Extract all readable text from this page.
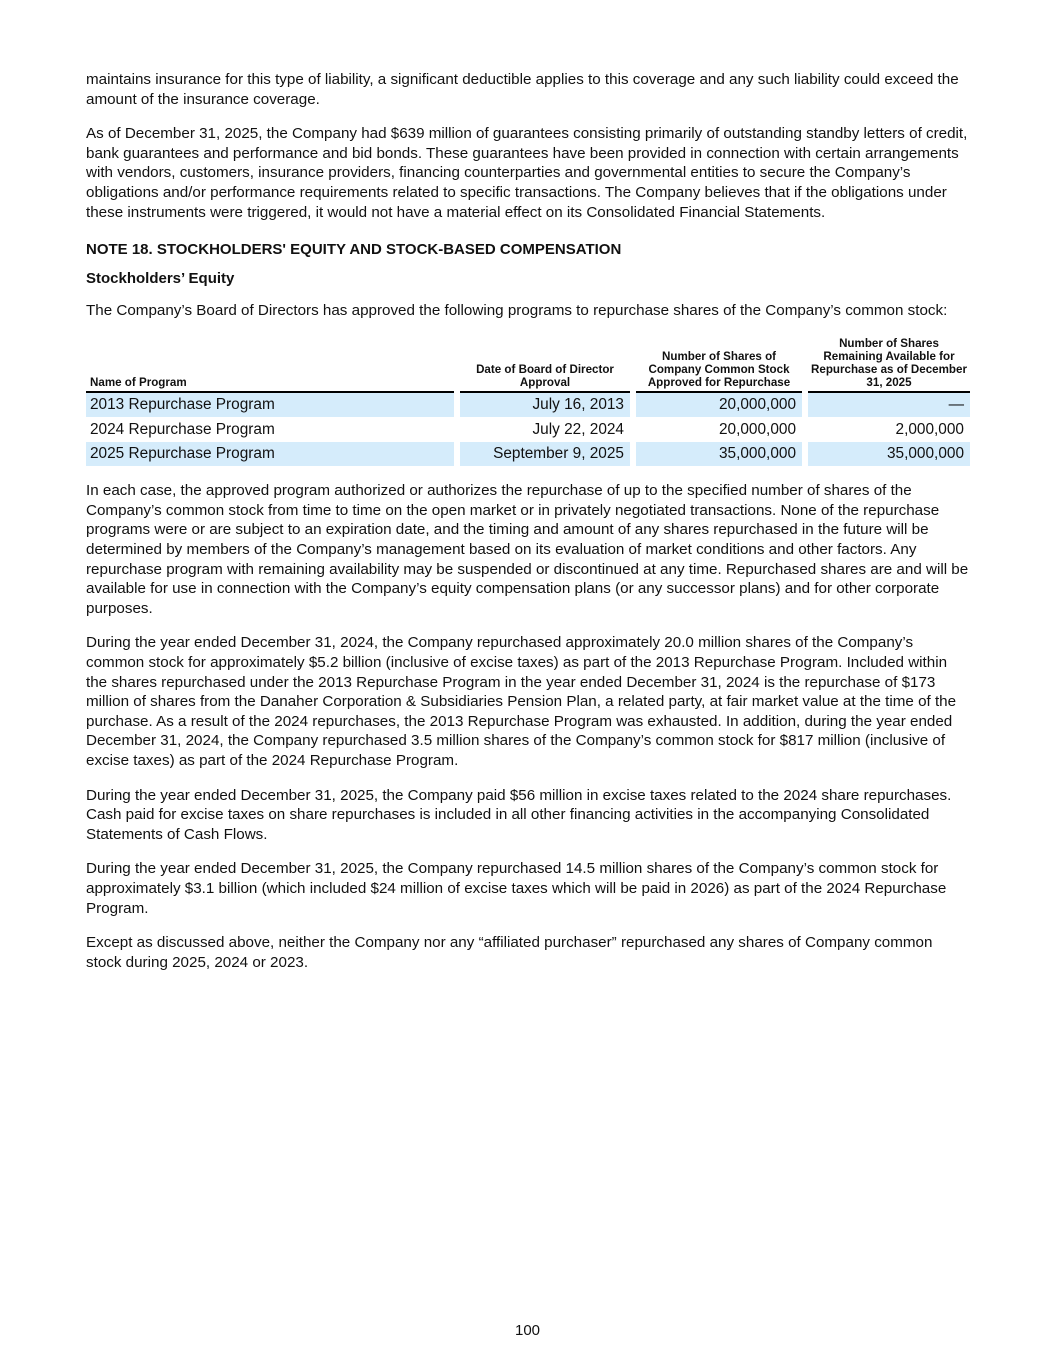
maintains insurance for this type of liability, a significant deductible applies to this coverage and any such liability could exceed the amount of the insurance coverage.

As of December 31, 2025, the Company had $639 million of guarantees consisting primarily of outstanding standby letters of credit, bank guarantees and performance and bid bonds. These guarantees have been provided in connection with certain arrangements with vendors, customers, insurance providers, financing counterparties and governmental entities to secure the Company’s obligations and/or performance requirements related to specific transactions. The Company believes that if the obligations under these instruments were triggered, it would not have a material effect on its Consolidated Financial Statements.

NOTE 18. STOCKHOLDERS' EQUITY AND STOCK-BASED COMPENSATION
Stockholders’ Equity

The Company’s Board of Directors has approved the following programs to repurchase shares of the Company’s common stock:

Name of Program		Date of Board of Director Approval		Number of Shares of Company Common Stock Approved for Repurchase		Number of Shares Remaining Available for Repurchase as of December 31, 2025
2013 Repurchase Program		July 16, 2013		20,000,000		—
2024 Repurchase Program		July 22, 2024		20,000,000		2,000,000
2025 Repurchase Program		September 9, 2025		35,000,000		35,000,000

In each case, the approved program authorized or authorizes the repurchase of up to the specified number of shares of the Company’s common stock from time to time on the open market or in privately negotiated transactions. None of the repurchase programs were or are subject to an expiration date, and the timing and amount of any shares repurchased in the future will be determined by members of the Company’s management based on its evaluation of market conditions and other factors. Any repurchase program with remaining availability may be suspended or discontinued at any time. Repurchased shares are and will be available for use in connection with the Company’s equity compensation plans (or any successor plans) and for other corporate purposes.

During the year ended December 31, 2024, the Company repurchased approximately 20.0 million shares of the Company’s common stock for approximately $5.2 billion (inclusive of excise taxes) as part of the 2013 Repurchase Program. Included within the shares repurchased under the 2013 Repurchase Program in the year ended December 31, 2024 is the repurchase of $173 million of shares from the Danaher Corporation & Subsidiaries Pension Plan, a related party, at fair market value at the time of the purchase. As a result of the 2024 repurchases, the 2013 Repurchase Program was exhausted. In addition, during the year ended December 31, 2024, the Company repurchased 3.5 million shares of the Company’s common stock for $817 million (inclusive of excise taxes) as part of the 2024 Repurchase Program.

During the year ended December 31, 2025, the Company paid $56 million in excise taxes related to the 2024 share repurchases. Cash paid for excise taxes on share repurchases is included in all other financing activities in the accompanying Consolidated Statements of Cash Flows.

During the year ended December 31, 2025, the Company repurchased 14.5 million shares of the Company’s common stock for approximately $3.1 billion (which included $24 million of excise taxes which will be paid in 2026) as part of the 2024 Repurchase Program.

Except as discussed above, neither the Company nor any “affiliated purchaser” repurchased any shares of Company common stock during 2025, 2024 or 2023.

100
